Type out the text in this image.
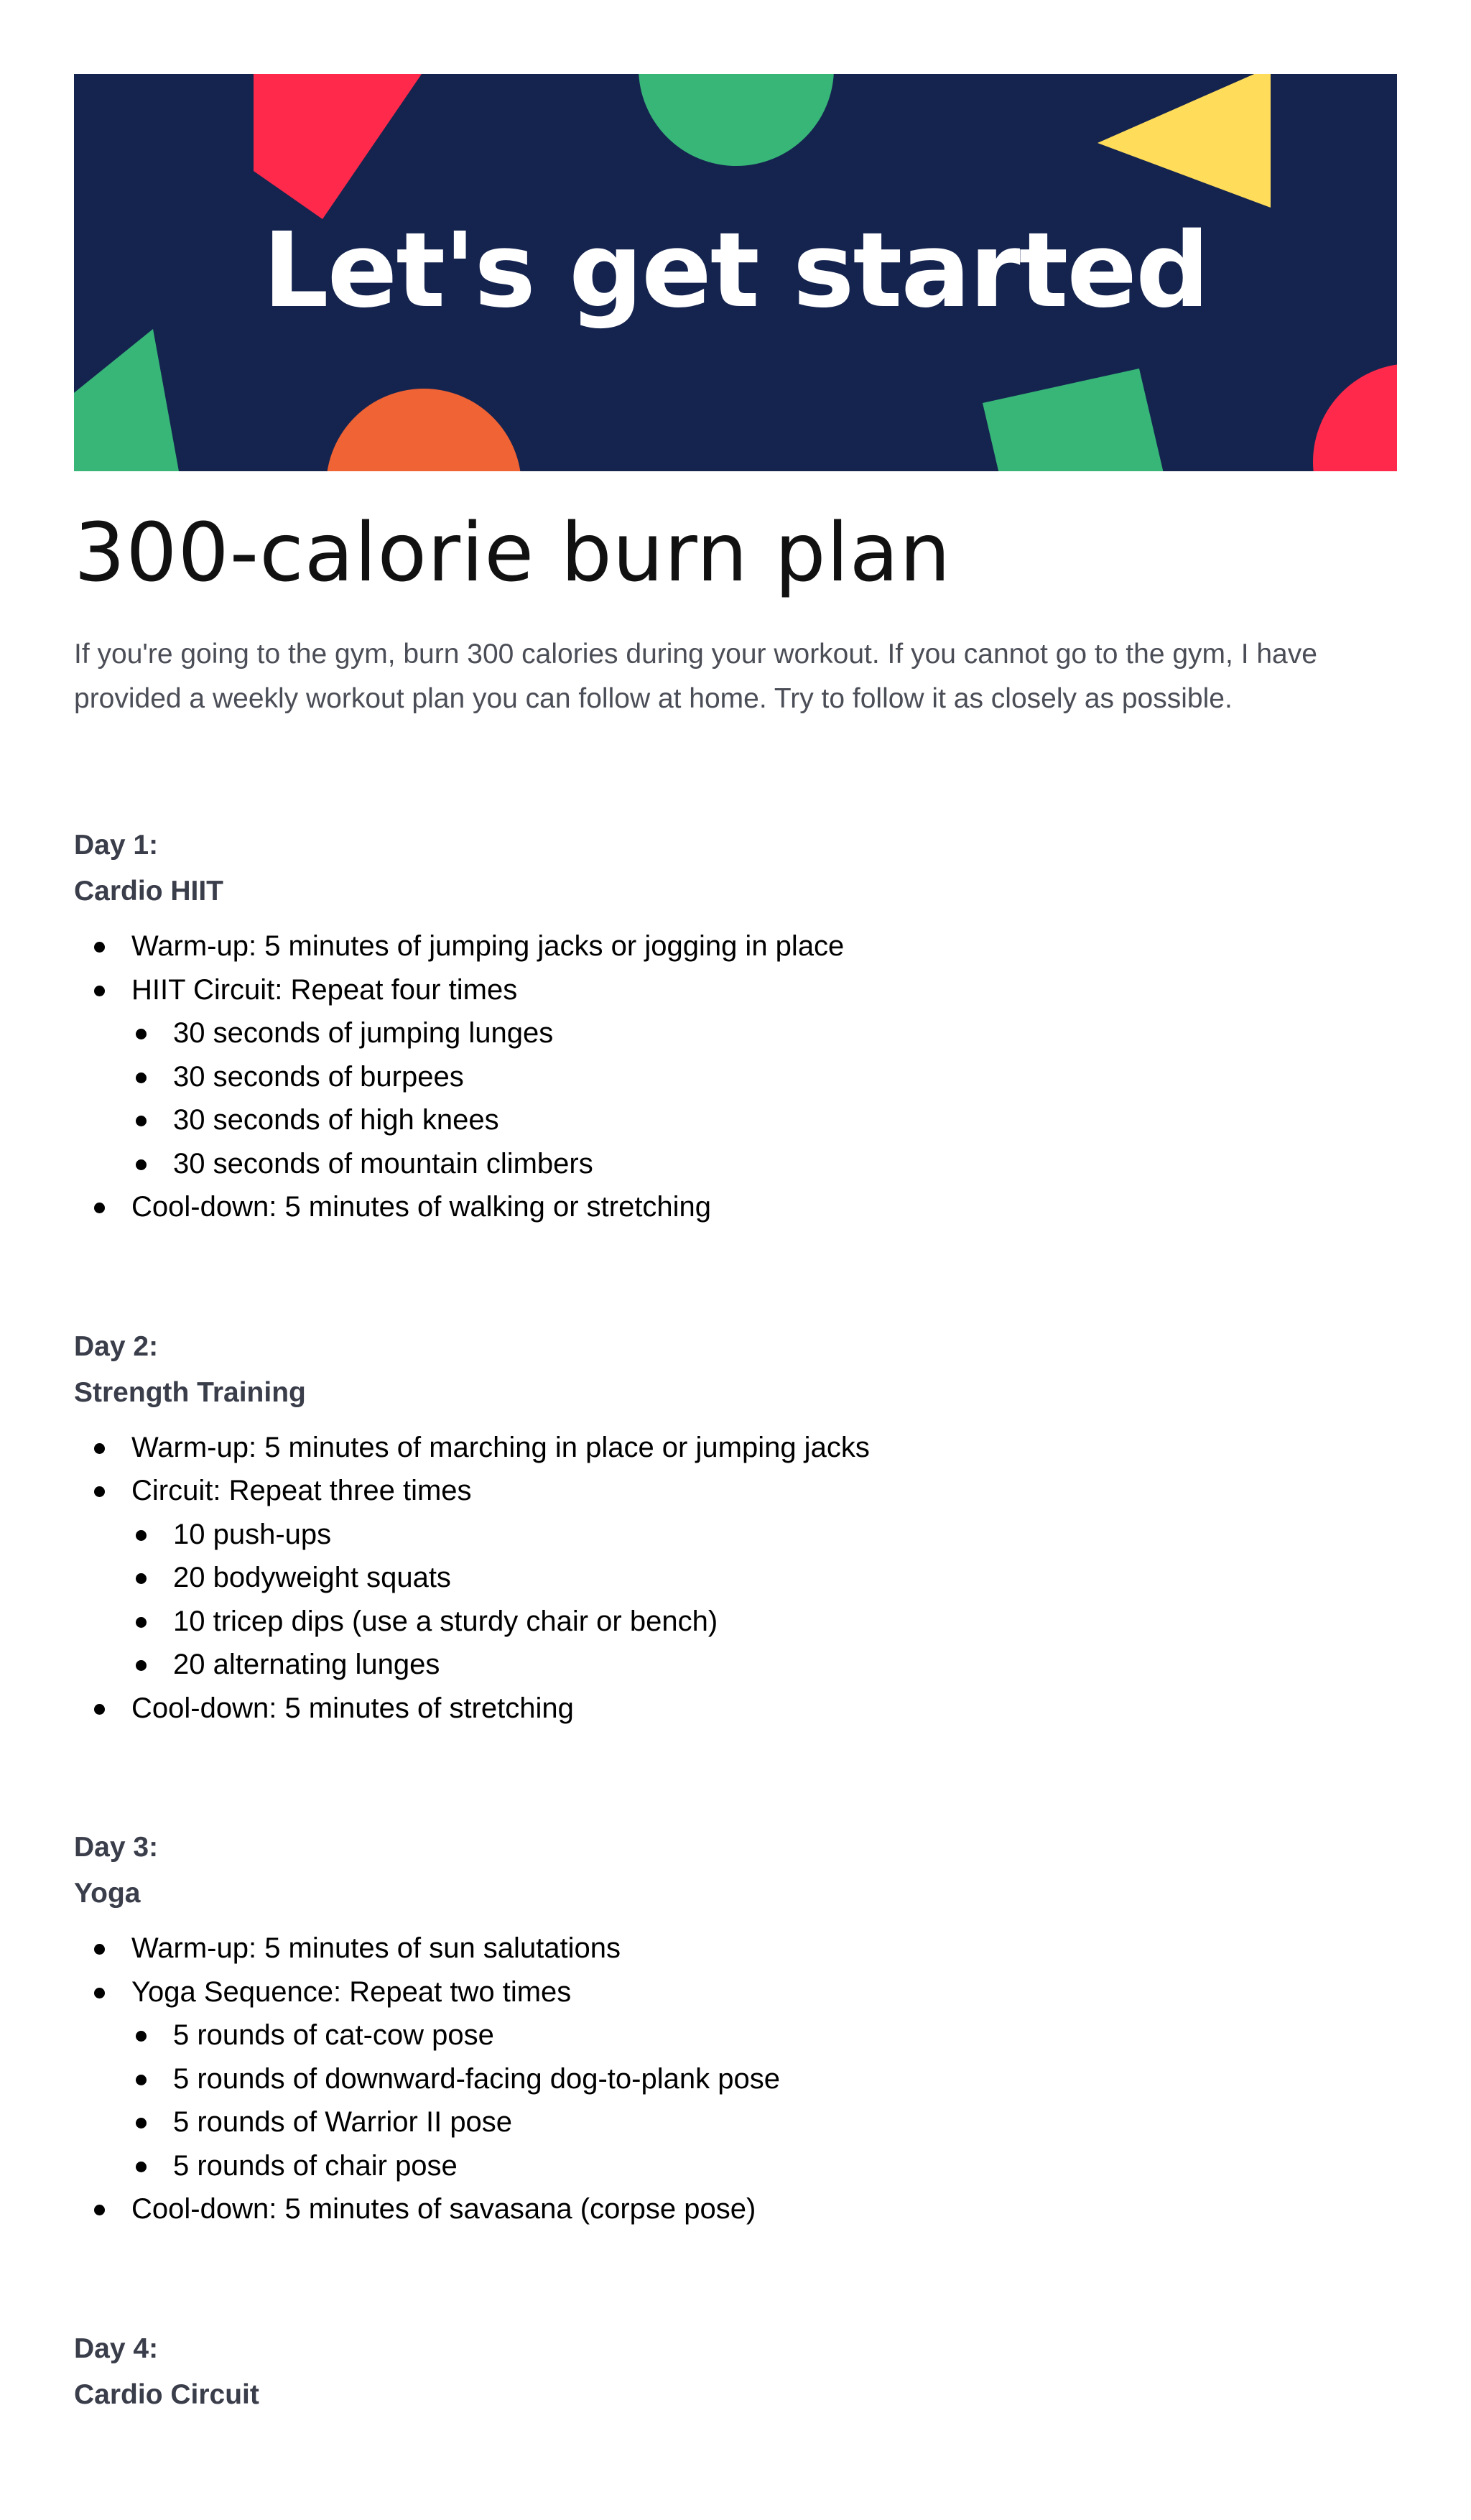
Let's get started
300-calorie burn plan

If you're going to the gym, burn 300 calories during your workout. If you cannot go to the gym, I have provided a weekly workout plan you can follow at home. Try to follow it as closely as possible.

Day 1:

Cardio HIIT

Warm-up: 5 minutes of jumping jacks or jogging in place
HIIT Circuit: Repeat four times
30 seconds of jumping lunges
30 seconds of burpees
30 seconds of high knees
30 seconds of mountain climbers
Cool-down: 5 minutes of walking or stretching

Day 2:

Strength Training

Warm-up: 5 minutes of marching in place or jumping jacks
Circuit: Repeat three times
10 push-ups
20 bodyweight squats
10 tricep dips (use a sturdy chair or bench)
20 alternating lunges
Cool-down: 5 minutes of stretching

Day 3:

Yoga

Warm-up: 5 minutes of sun salutations
Yoga Sequence: Repeat two times
5 rounds of cat-cow pose
5 rounds of downward-facing dog-to-plank pose
5 rounds of Warrior II pose
5 rounds of chair pose
Cool-down: 5 minutes of savasana (corpse pose)

Day 4:

Cardio Circuit
